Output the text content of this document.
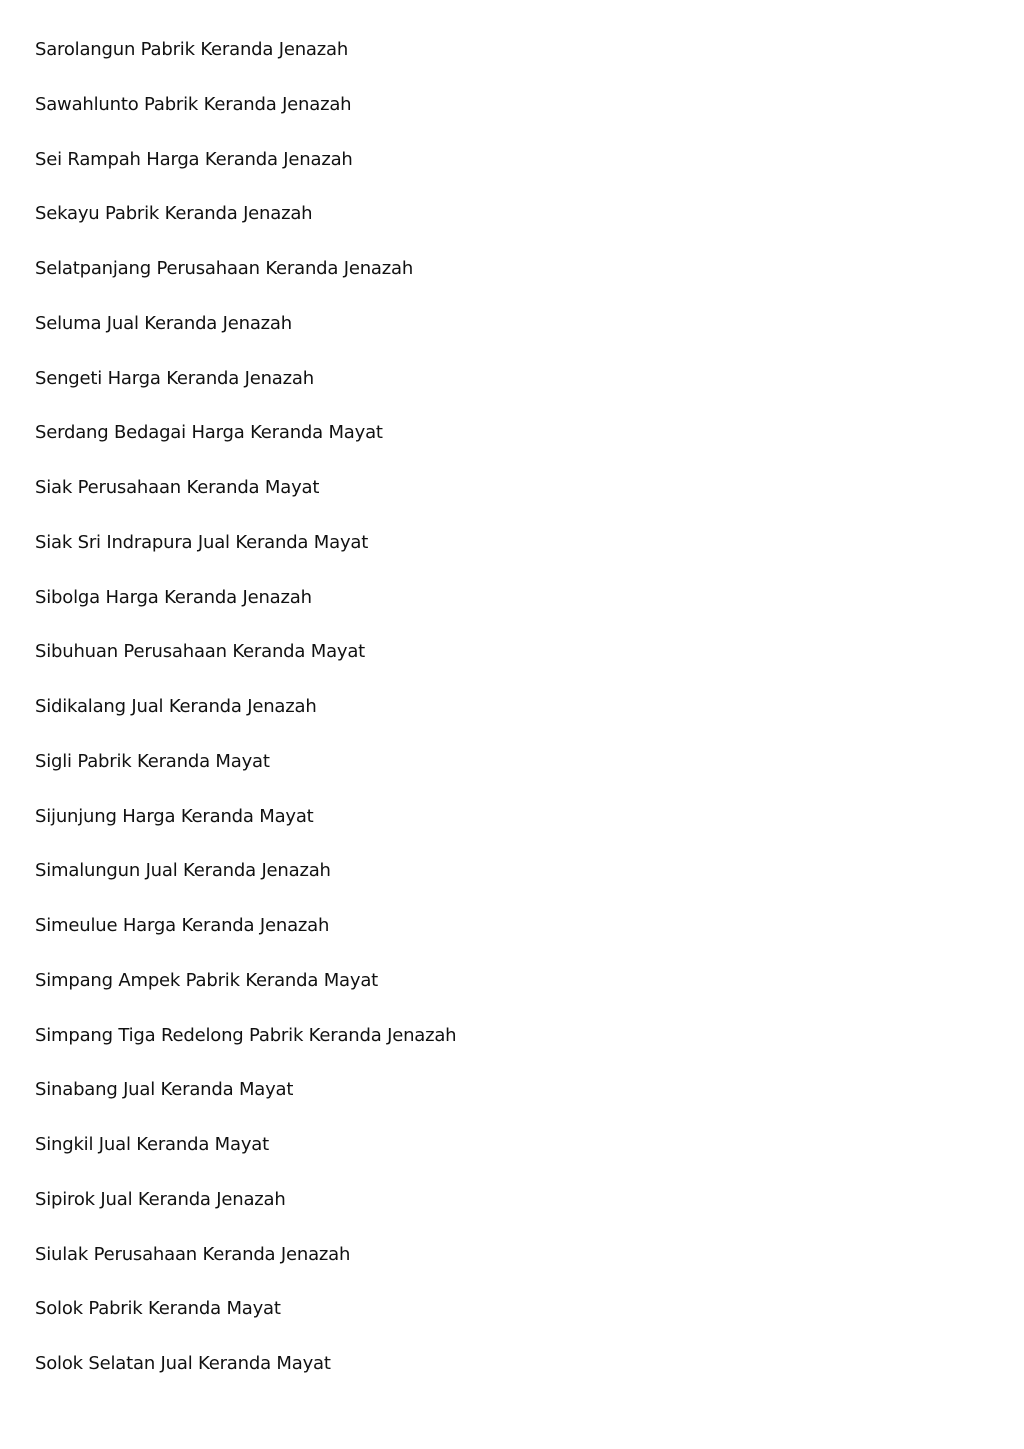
Sarolangun Pabrik Keranda Jenazah
Sawahlunto Pabrik Keranda Jenazah
Sei Rampah Harga Keranda Jenazah
Sekayu Pabrik Keranda Jenazah
Selatpanjang Perusahaan Keranda Jenazah
Seluma Jual Keranda Jenazah
Sengeti Harga Keranda Jenazah
Serdang Bedagai Harga Keranda Mayat
Siak Perusahaan Keranda Mayat
Siak Sri Indrapura Jual Keranda Mayat
Sibolga Harga Keranda Jenazah
Sibuhuan Perusahaan Keranda Mayat
Sidikalang Jual Keranda Jenazah
Sigli Pabrik Keranda Mayat
Sijunjung Harga Keranda Mayat
Simalungun Jual Keranda Jenazah
Simeulue Harga Keranda Jenazah
Simpang Ampek Pabrik Keranda Mayat
Simpang Tiga Redelong Pabrik Keranda Jenazah
Sinabang Jual Keranda Mayat
Singkil Jual Keranda Mayat
Sipirok Jual Keranda Jenazah
Siulak Perusahaan Keranda Jenazah
Solok Pabrik Keranda Mayat
Solok Selatan Jual Keranda Mayat
